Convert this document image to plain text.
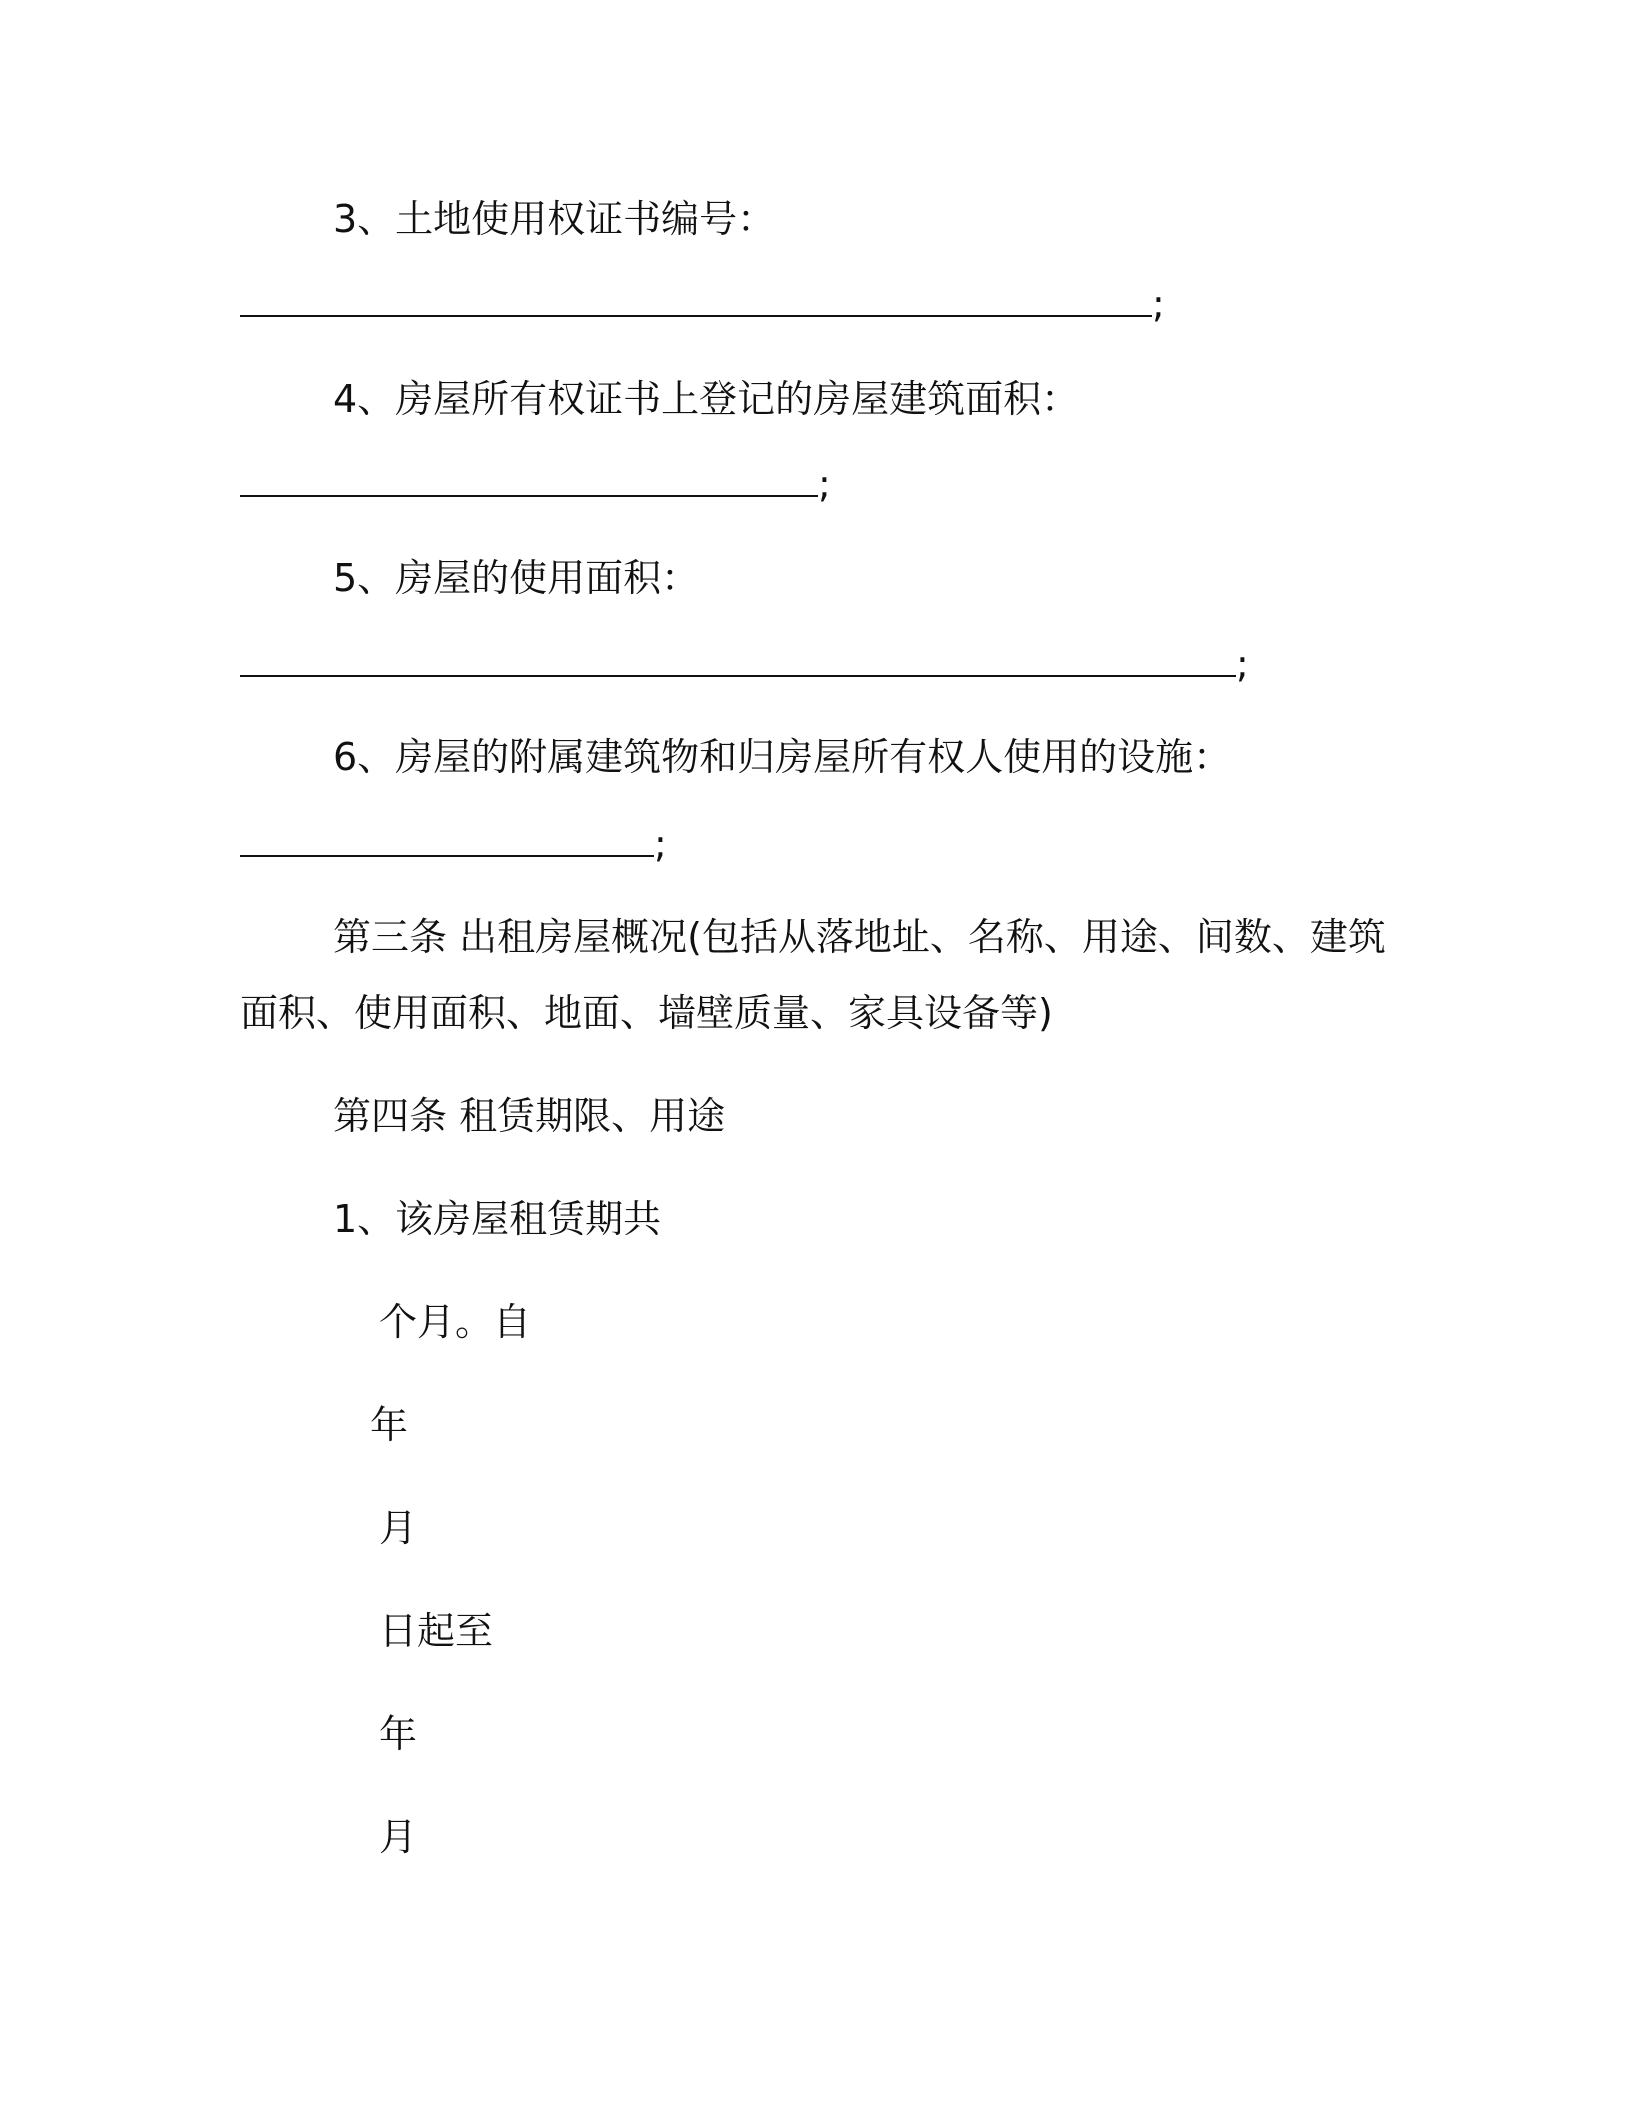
3、土地使用权证书编号：

;

4、房屋所有权证书上登记的房屋建筑面积：

;

5、房屋的使用面积：

;

6、房屋的附属建筑物和归房屋所有权人使用的设施：

;

第三条 出租房屋概况(包括从落地址、名称、用途、间数、建筑

面积、使用面积、地面、墙壁质量、家具设备等)

第四条 租赁期限、用途

1、该房屋租赁期共

个月。自

年

月

日起至

年

月
